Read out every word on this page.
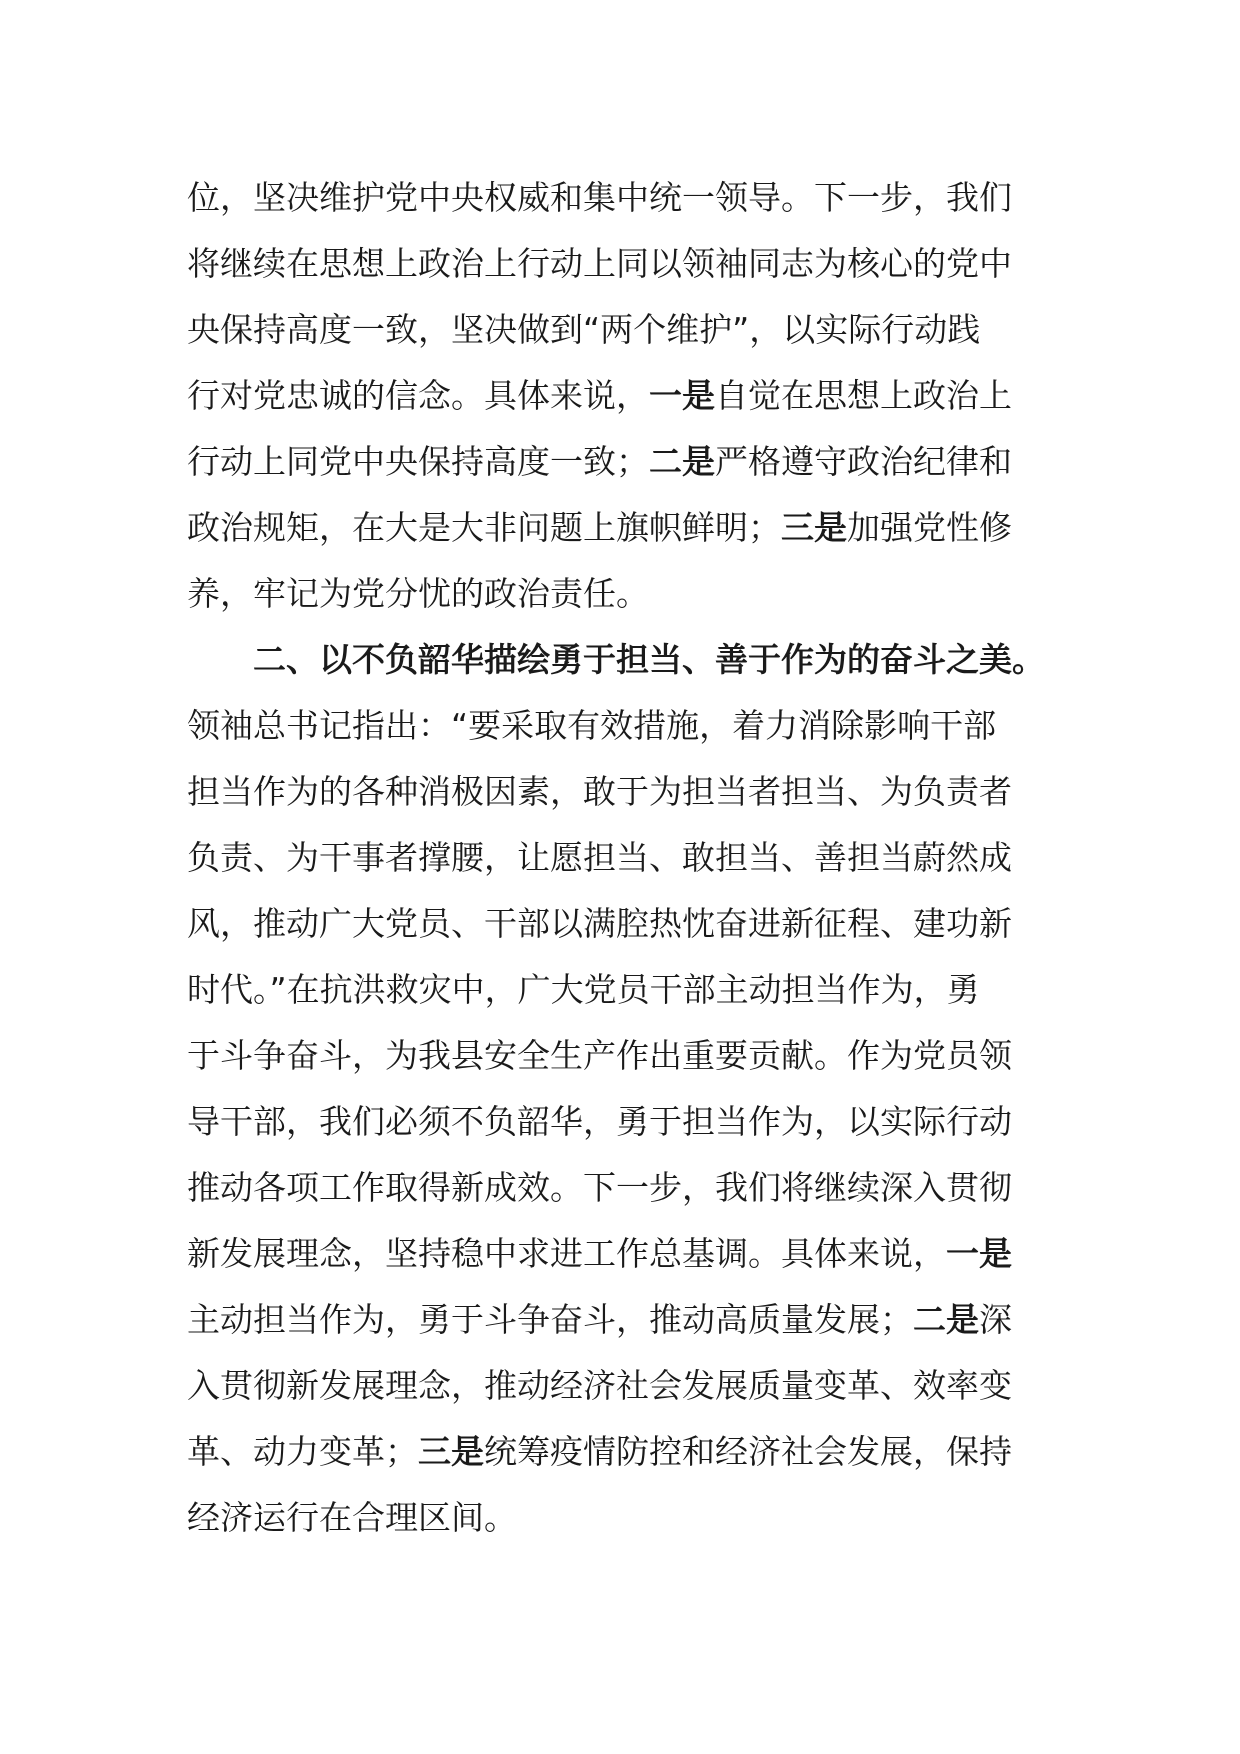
位，坚决维护党中央权威和集中统一领导。下一步，我们
将继续在思想上政治上行动上同以领袖同志为核心的党中
央保持高度一致，坚决做到“两个维护”，以实际行动践
行对党忠诚的信念。具体来说，一是自觉在思想上政治上
行动上同党中央保持高度一致；二是严格遵守政治纪律和
政治规矩，在大是大非问题上旗帜鲜明；三是加强党性修
养，牢记为党分忧的政治责任。
二、以不负韶华描绘勇于担当、善于作为的奋斗之美。
领袖总书记指出：“要采取有效措施，着力消除影响干部
担当作为的各种消极因素，敢于为担当者担当、为负责者
负责、为干事者撑腰，让愿担当、敢担当、善担当蔚然成
风，推动广大党员、干部以满腔热忱奋进新征程、建功新
时代。”在抗洪救灾中，广大党员干部主动担当作为，勇
于斗争奋斗，为我县安全生产作出重要贡献。作为党员领
导干部，我们必须不负韶华，勇于担当作为，以实际行动
推动各项工作取得新成效。下一步，我们将继续深入贯彻
新发展理念，坚持稳中求进工作总基调。具体来说，一是
主动担当作为，勇于斗争奋斗，推动高质量发展；二是深
入贯彻新发展理念，推动经济社会发展质量变革、效率变
革、动力变革；三是统筹疫情防控和经济社会发展，保持
经济运行在合理区间。
